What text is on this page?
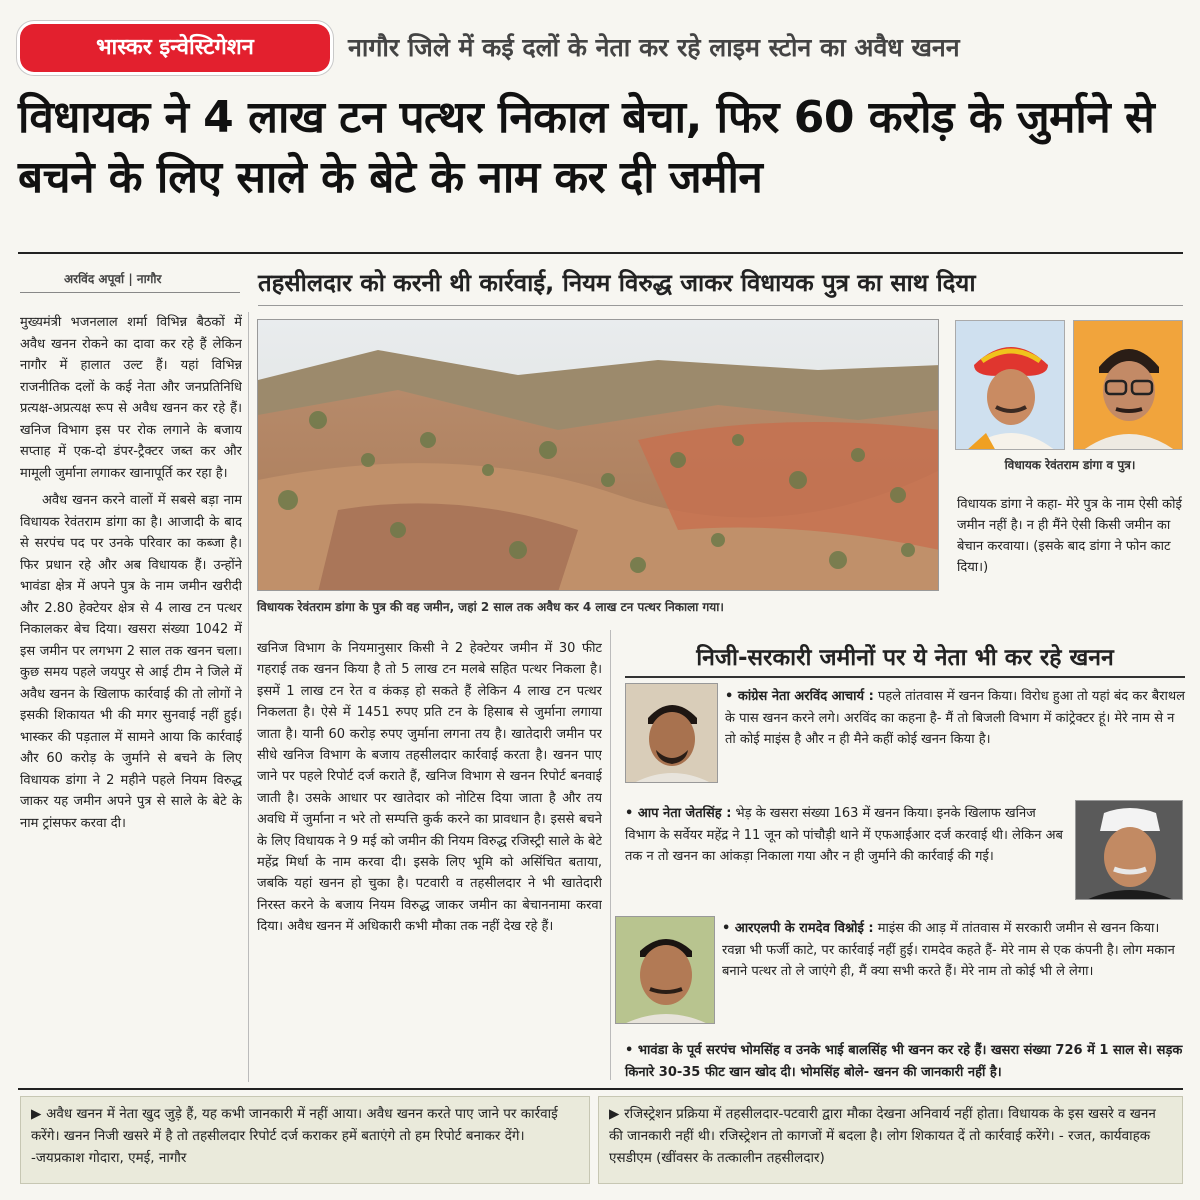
भास्कर इन्वेस्टिगेशन	नागौर जिले में कई दलों के नेता कर रहे लाइम स्टोन का अवैध खनन
विधायक ने 4 लाख टन पत्थर निकाल बेचा, फिर 60 करोड़ के जुर्माने से बचने के लिए साले के बेटे के नाम कर दी जमीन
अरविंद अपूर्वा | नागौर	तहसीलदार को करनी थी कार्रवाई, नियम विरुद्ध जाकर विधायक पुत्र का साथ दिया

मुख्यमंत्री भजनलाल शर्मा विभिन्न बैठकों में अवैध खनन रोकने का दावा कर रहे हैं लेकिन नागौर में हालात उल्ट हैं। यहां विभिन्न राजनीतिक दलों के कई नेता और जनप्रतिनिधि प्रत्यक्ष-अप्रत्यक्ष रूप से अवैध खनन कर रहे हैं। खनिज विभाग इस पर रोक लगाने के बजाय सप्ताह में एक-दो डंपर-ट्रैक्टर जब्त कर और मामूली जुर्माना लगाकर खानापूर्ति कर रहा है।

अवैध खनन करने वालों में सबसे बड़ा नाम विधायक रेवंतराम डांगा का है। आजादी के बाद से सरपंच पद पर उनके परिवार का कब्जा है। फिर प्रधान रहे और अब विधायक हैं। उन्होंने भावंडा क्षेत्र में अपने पुत्र के नाम जमीन खरीदी और 2.80 हेक्टेयर क्षेत्र से 4 लाख टन पत्थर निकालकर बेच दिया। खसरा संख्या 1042 में इस जमीन पर लगभग 2 साल तक खनन चला। कुछ समय पहले जयपुर से आई टीम ने जिले में अवैध खनन के खिलाफ कार्रवाई की तो लोगों ने इसकी शिकायत भी की मगर सुनवाई नहीं हुई। भास्कर की पड़ताल में सामने आया कि कार्रवाई और 60 करोड़ के जुर्माने से बचने के लिए विधायक डांगा ने 2 महीने पहले नियम विरुद्ध जाकर यह जमीन अपने पुत्र से साले के बेटे के नाम ट्रांसफर करवा दी।

विधायक रेवंतराम डांगा के पुत्र की वह जमीन, जहां 2 साल तक अवैध कर 4 लाख टन पत्थर निकाला गया।
विधायक रेवंतराम डांगा व पुत्र।
विधायक डांगा ने कहा- मेरे पुत्र के नाम ऐसी कोई जमीन नहीं है। न ही मैंने ऐसी किसी जमीन का बेचान करवाया। (इसके बाद डांगा ने फोन काट दिया।)
खनिज विभाग के नियमानुसार किसी ने 2 हेक्टेयर जमीन में 30 फीट गहराई तक खनन किया है तो 5 लाख टन मलबे सहित पत्थर निकला है। इसमें 1 लाख टन रेत व कंकड़ हो सकते हैं लेकिन 4 लाख टन पत्थर निकलता है। ऐसे में 1451 रुपए प्रति टन के हिसाब से जुर्माना लगाया जाता है। यानी 60 करोड़ रुपए जुर्माना लगना तय है। खातेदारी जमीन पर सीधे खनिज विभाग के बजाय तहसीलदार कार्रवाई करता है। खनन पाए जाने पर पहले रिपोर्ट दर्ज कराते हैं, खनिज विभाग से खनन रिपोर्ट बनवाई जाती है। उसके आधार पर खातेदार को नोटिस दिया जाता है और तय अवधि में जुर्माना न भरे तो सम्पत्ति कुर्क करने का प्रावधान है। इससे बचने के लिए विधायक ने 9 मई को जमीन की नियम विरुद्ध रजिस्ट्री साले के बेटे महेंद्र मिर्धा के नाम करवा दी। इसके लिए भूमि को असिंचित बताया, जबकि यहां खनन हो चुका है। पटवारी व तहसीलदार ने भी खातेदारी निरस्त करने के बजाय नियम विरुद्ध जाकर जमीन का बेचाननामा करवा दिया। अवैध खनन में अधिकारी कभी मौका तक नहीं देख रहे हैं।
निजी-सरकारी जमीनों पर ये नेता भी कर रहे खनन
• कांग्रेस नेता अरविंद आचार्य : पहले तांतवास में खनन किया। विरोध हुआ तो यहां बंद कर बैराथल के पास खनन करने लगे। अरविंद का कहना है- मैं तो बिजली विभाग में कांट्रेक्टर हूं। मेरे नाम से न तो कोई माइंस है और न ही मैने कहीं कोई खनन किया है।
• आप नेता जेतसिंह : भेड़ के खसरा संख्या 163 में खनन किया। इनके खिलाफ खनिज विभाग के सर्वेयर महेंद्र ने 11 जून को पांचौड़ी थाने में एफआईआर दर्ज करवाई थी। लेकिन अब तक न तो खनन का आंकड़ा निकाला गया और न ही जुर्माने की कार्रवाई की गई।
• आरएलपी के रामदेव विश्नोई : माइंस की आड़ में तांतवास में सरकारी जमीन से खनन किया। रवन्ना भी फर्जी काटे, पर कार्रवाई नहीं हुई। रामदेव कहते हैं- मेरे नाम से एक कंपनी है। लोग मकान बनाने पत्थर तो ले जाएंगे ही, मैं क्या सभी करते हैं। मेरे नाम तो कोई भी ले लेगा।
• भावंडा के पूर्व सरपंच भोमसिंह व उनके भाई बालसिंह भी खनन कर रहे हैं। खसरा संख्या 726 में 1 साल से। सड़क किनारे 30-35 फीट खान खोद दी। भोमसिंह बोले- खनन की जानकारी नहीं है।
▶ अवैध खनन में नेता खुद जुड़े हैं, यह कभी जानकारी में नहीं आया। अवैध खनन करते पाए जाने पर कार्रवाई करेंगे। खनन निजी खसरे में है तो तहसीलदार रिपोर्ट दर्ज कराकर हमें बताएंगे तो हम रिपोर्ट बनाकर देंगे। -जयप्रकाश गोदारा, एमई, नागौर
▶ रजिस्ट्रेशन प्रक्रिया में तहसीलदार-पटवारी द्वारा मौका देखना अनिवार्य नहीं होता। विधायक के इस खसरे व खनन की जानकारी नहीं थी। रजिस्ट्रेशन तो कागजों में बदला है। लोग शिकायत दें तो कार्रवाई करेंगे। - रजत, कार्यवाहक एसडीएम (खींवसर के तत्कालीन तहसीलदार)
